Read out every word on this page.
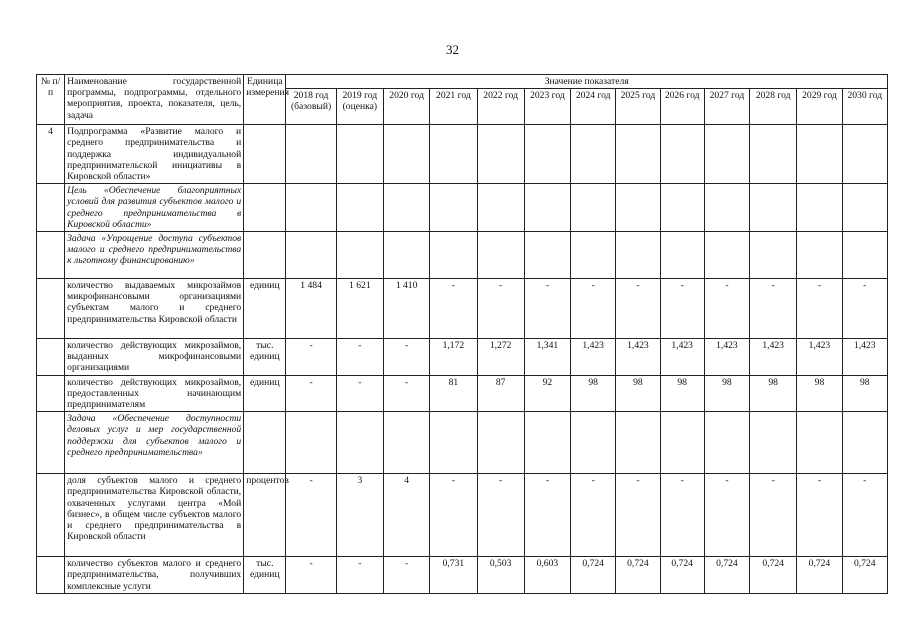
32
№ п/п	Наименование государственной программы, подпрограммы, отдельного мероприятия, проекта, показателя, цель, задача	Единица измерения	Значение показателя												
			2018 год (базовый)	2019 год (оценка)	2020 год	2021 год	2022 год	2023 год	2024 год	2025 год	2026 год	2027 год	2028 год	2029 год	2030 год
4	Подпрограмма «Развитие малого и среднего предпринимательства и поддержка индивидуальной предпринимательской инициативы в Кировской области»														
	Цель «Обеспечение благоприятных условий для развития субъектов малого и среднего предпринимательства в Кировской области»														
	Задача «Упрощение доступа субъектов малого и среднего предпринимательства к льготному финансированию»														
	количество выдаваемых микрозаймов микрофинансовыми организациями субъектам малого и среднего предпринимательства Кировской области	единиц	1 484	1 621	1 410	-	-	-	-	-	-	-	-	-	-
	количество действующих микрозаймов, выданных микрофинансовыми организациями	тыс. единиц	-	-	-	1,172	1,272	1,341	1,423	1,423	1,423	1,423	1,423	1,423	1,423
	количество действующих микрозаймов, предоставленных начинающим предпринимателям	единиц	-	-	-	81	87	92	98	98	98	98	98	98	98
	Задача «Обеспечение доступности деловых услуг и мер государственной поддержки для субъектов малого и среднего предпринимательства»														
	доля субъектов малого и среднего предпринимательства Кировской области, охваченных услугами центра «Мой бизнес», в общем числе субъектов малого и среднего предпринимательства в Кировской области	процентов	-	3	4	-	-	-	-	-	-	-	-	-	-
	количество субъектов малого и среднего предпринимательства, получивших комплексные услуги	тыс. единиц	-	-	-	0,731	0,503	0,603	0,724	0,724	0,724	0,724	0,724	0,724	0,724
